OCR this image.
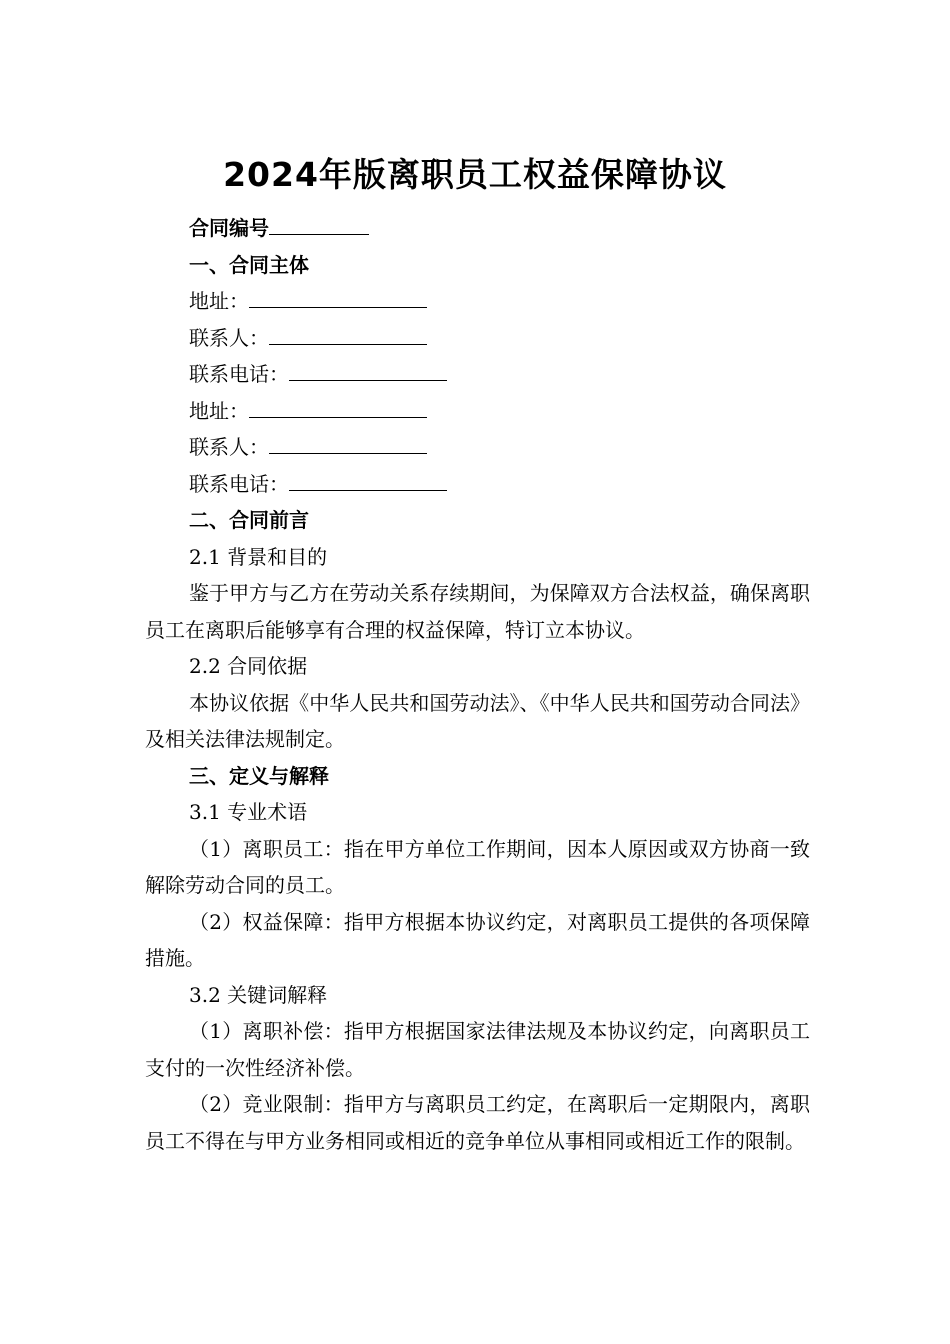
2024年版离职员工权益保障协议
合同编号
一、合同主体
地址：
联系人：
联系电话：
地址：
联系人：
联系电话：
二、合同前言
2.1 背景和目的
鉴于甲方与乙方在劳动关系存续期间，为保障双方合法权益，确保离职员工在离职后能够享有合理的权益保障，特订立本协议。
2.2 合同依据
本协议依据《中华人民共和国劳动法》、《中华人民共和国劳动合同法》及相关法律法规制定。
三、定义与解释
3.1 专业术语
（1）离职员工：指在甲方单位工作期间，因本人原因或双方协商一致解除劳动合同的员工。
（2）权益保障：指甲方根据本协议约定，对离职员工提供的各项保障措施。
3.2 关键词解释
（1）离职补偿：指甲方根据国家法律法规及本协议约定，向离职员工支付的一次性经济补偿。
（2）竞业限制：指甲方与离职员工约定，在离职后一定期限内，离职员工不得在与甲方业务相同或相近的竞争单位从事相同或相近工作的限制。
